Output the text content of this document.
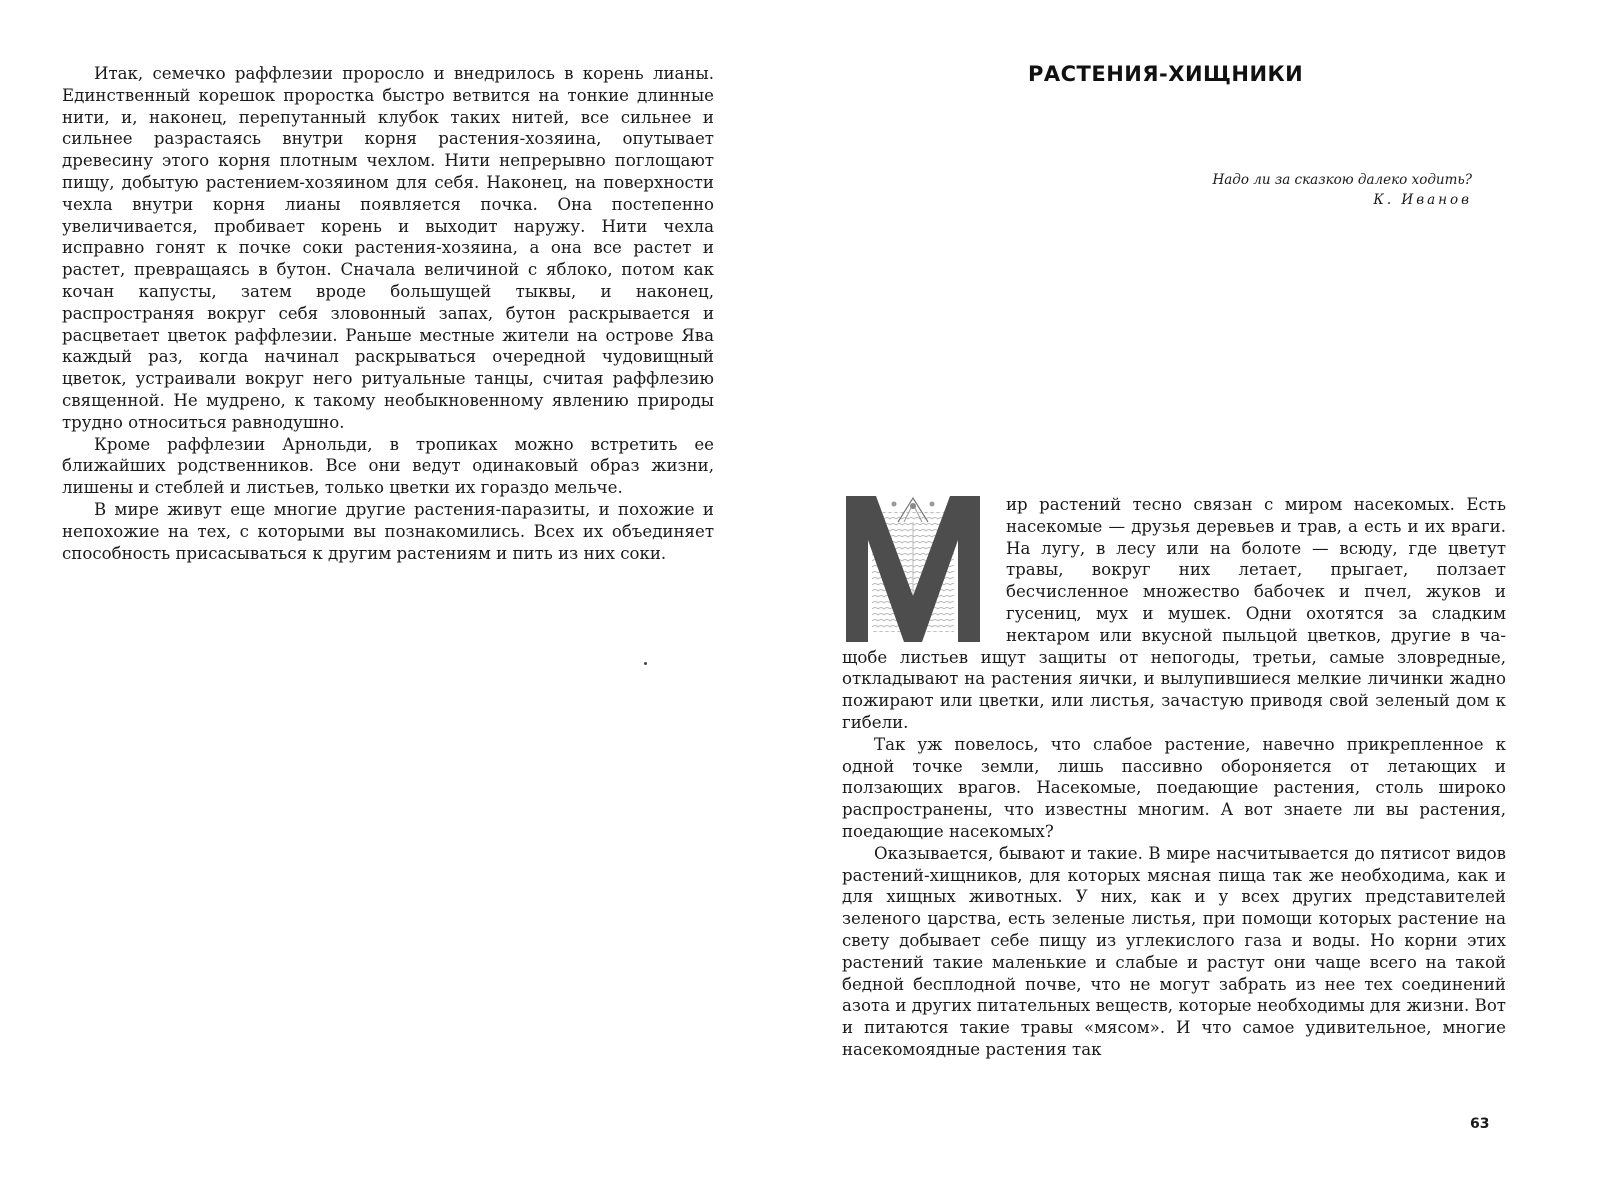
Итак, семечко раффлезии проросло и внедрилось в корень лианы. Единственный корешок проростка быстро ветвится на тонкие длинные нити, и, наконец, перепутанный клубок таких нитей, все сильнее и сильнее разрастаясь внутри корня растения-хозяина, опутывает древесину этого корня плотным чехлом. Нити непрерывно поглощают пищу, добытую растением-хозяином для себя. Наконец, на поверхности чехла внутри корня лианы появляется почка. Она постепенно увеличивается, пробивает корень и выходит наружу. Нити чехла исправно гонят к почке соки растения-хозяина, а она все растет и растет, превращаясь в бутон. Сначала величиной с яблоко, потом как кочан капусты, затем вроде большущей тыквы, и наконец, распространяя вокруг себя зловонный запах, бутон раскрывается и расцветает цветок раффлезии. Раньше местные жители на острове Ява каждый раз, когда начинал раскрываться очередной чудовищный цветок, устраивали вокруг него ритуальные танцы, считая раффлезию священной. Не мудрено, к такому необыкновенному явлению природы трудно относиться равнодушно.

Кроме раффлезии Арнольди, в тропиках можно встретить ее ближайших родственников. Все они ведут одинаковый образ жизни, лишены и стеблей и листьев, только цветки их гораздо мельче.

В мире живут еще многие другие растения-паразиты, и похожие и непохожие на тех, с которыми вы познакомились. Всех их объединяет способность присасываться к другим растениям и пить из них соки.

РАСТЕНИЯ-ХИЩНИКИ
Надо ли за сказкою далеко ходить?
К. Иванов
М

ир растений тесно связан с миром насекомых. Есть насекомые — друзья деревьев и трав, а есть и их враги. На лугу, в лесу или на болоте — всюду, где цветут травы, вокруг них летает, прыгает, ползает бесчисленное множество бабочек и пчел, жуков и гусениц, мух и мушек. Одни охотятся за сладким нектаром или вкусной пыльцой цветков, другие в чащобе листьев ищут защиты от непогоды, третьи, самые зловредные, откладывают на растения яички, и вылупившиеся мелкие личинки жадно пожирают или цветки, или листья, зачастую приводя свой зеленый дом к гибели.

Так уж повелось, что слабое растение, навечно прикрепленное к одной точке земли, лишь пассивно обороняется от летающих и ползающих врагов. Насекомые, поедающие растения, столь широко распространены, что известны многим. А вот знаете ли вы растения, поедающие насекомых?

Оказывается, бывают и такие. В мире насчитывается до пятисот видов растений-хищников, для которых мясная пища так же необходима, как и для хищных животных. У них, как и у всех других представителей зеленого царства, есть зеленые листья, при помощи которых растение на свету добывает себе пищу из углекислого газа и воды. Но корни этих растений такие маленькие и слабые и растут они чаще всего на такой бедной бесплодной почве, что не могут забрать из нее тех соединений азота и других питательных веществ, которые необходимы для жизни. Вот и питаются такие травы «мясом». И что самое удивительное, многие насекомоядные растения так

63
